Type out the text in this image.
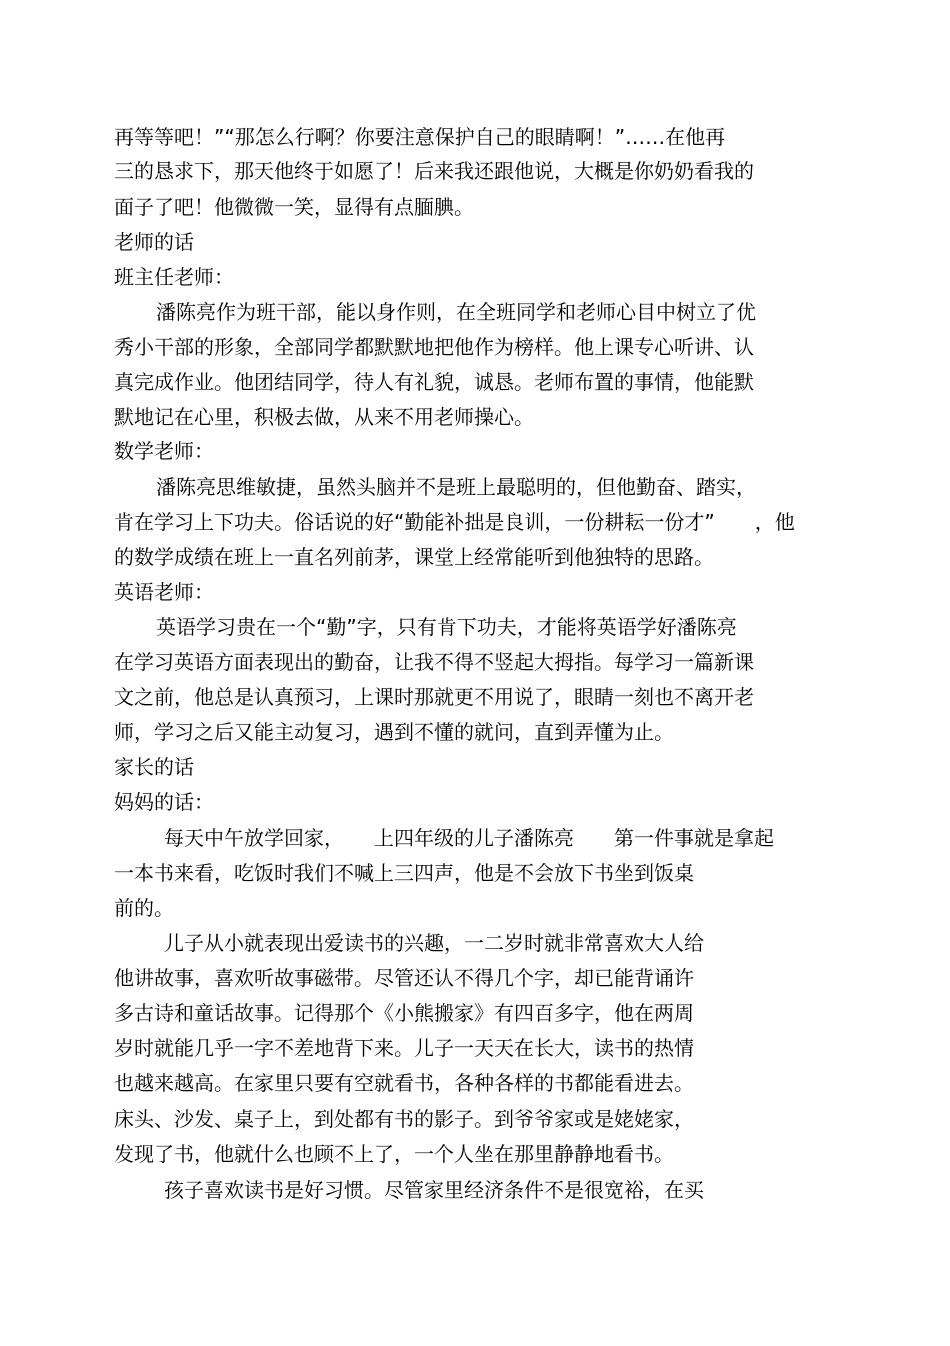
再等等吧！”“那怎么行啊？你要注意保护自己的眼睛啊！”……在他再
三的恳求下，那天他终于如愿了！后来我还跟他说，大概是你奶奶看我的
面子了吧！他微微一笑，显得有点腼腆。
老师的话
班主任老师：
潘陈亮作为班干部，能以身作则，在全班同学和老师心目中树立了优
秀小干部的形象，全部同学都默默地把他作为榜样。他上课专心听讲、认
真完成作业。他团结同学，待人有礼貌，诚恳。老师布置的事情，他能默
默地记在心里，积极去做，从来不用老师操心。
数学老师：
潘陈亮思维敏捷，虽然头脑并不是班上最聪明的，但他勤奋、踏实，
肯在学习上下功夫。俗话说的好“勤能补拙是良训，一份耕耘一份才”　　，他
的数学成绩在班上一直名列前茅，课堂上经常能听到他独特的思路。
英语老师：
英语学习贵在一个“勤”字，只有肯下功夫，才能将英语学好潘陈亮
在学习英语方面表现出的勤奋，让我不得不竖起大拇指。每学习一篇新课
文之前，他总是认真预习，上课时那就更不用说了，眼睛一刻也不离开老
师，学习之后又能主动复习，遇到不懂的就问，直到弄懂为止。
家长的话
妈妈的话：
每天中午放学回家，　　上四年级的儿子潘陈亮　　第一件事就是拿起
一本书来看，吃饭时我们不喊上三四声，他是不会放下书坐到饭桌
前的。
儿子从小就表现出爱读书的兴趣，一二岁时就非常喜欢大人给
他讲故事，喜欢听故事磁带。尽管还认不得几个字，却已能背诵许
多古诗和童话故事。记得那个《小熊搬家》有四百多字，他在两周
岁时就能几乎一字不差地背下来。儿子一天天在长大，读书的热情
也越来越高。在家里只要有空就看书，各种各样的书都能看进去。
床头、沙发、桌子上，到处都有书的影子。到爷爷家或是姥姥家，
发现了书，他就什么也顾不上了，一个人坐在那里静静地看书。
孩子喜欢读书是好习惯。尽管家里经济条件不是很宽裕，在买
